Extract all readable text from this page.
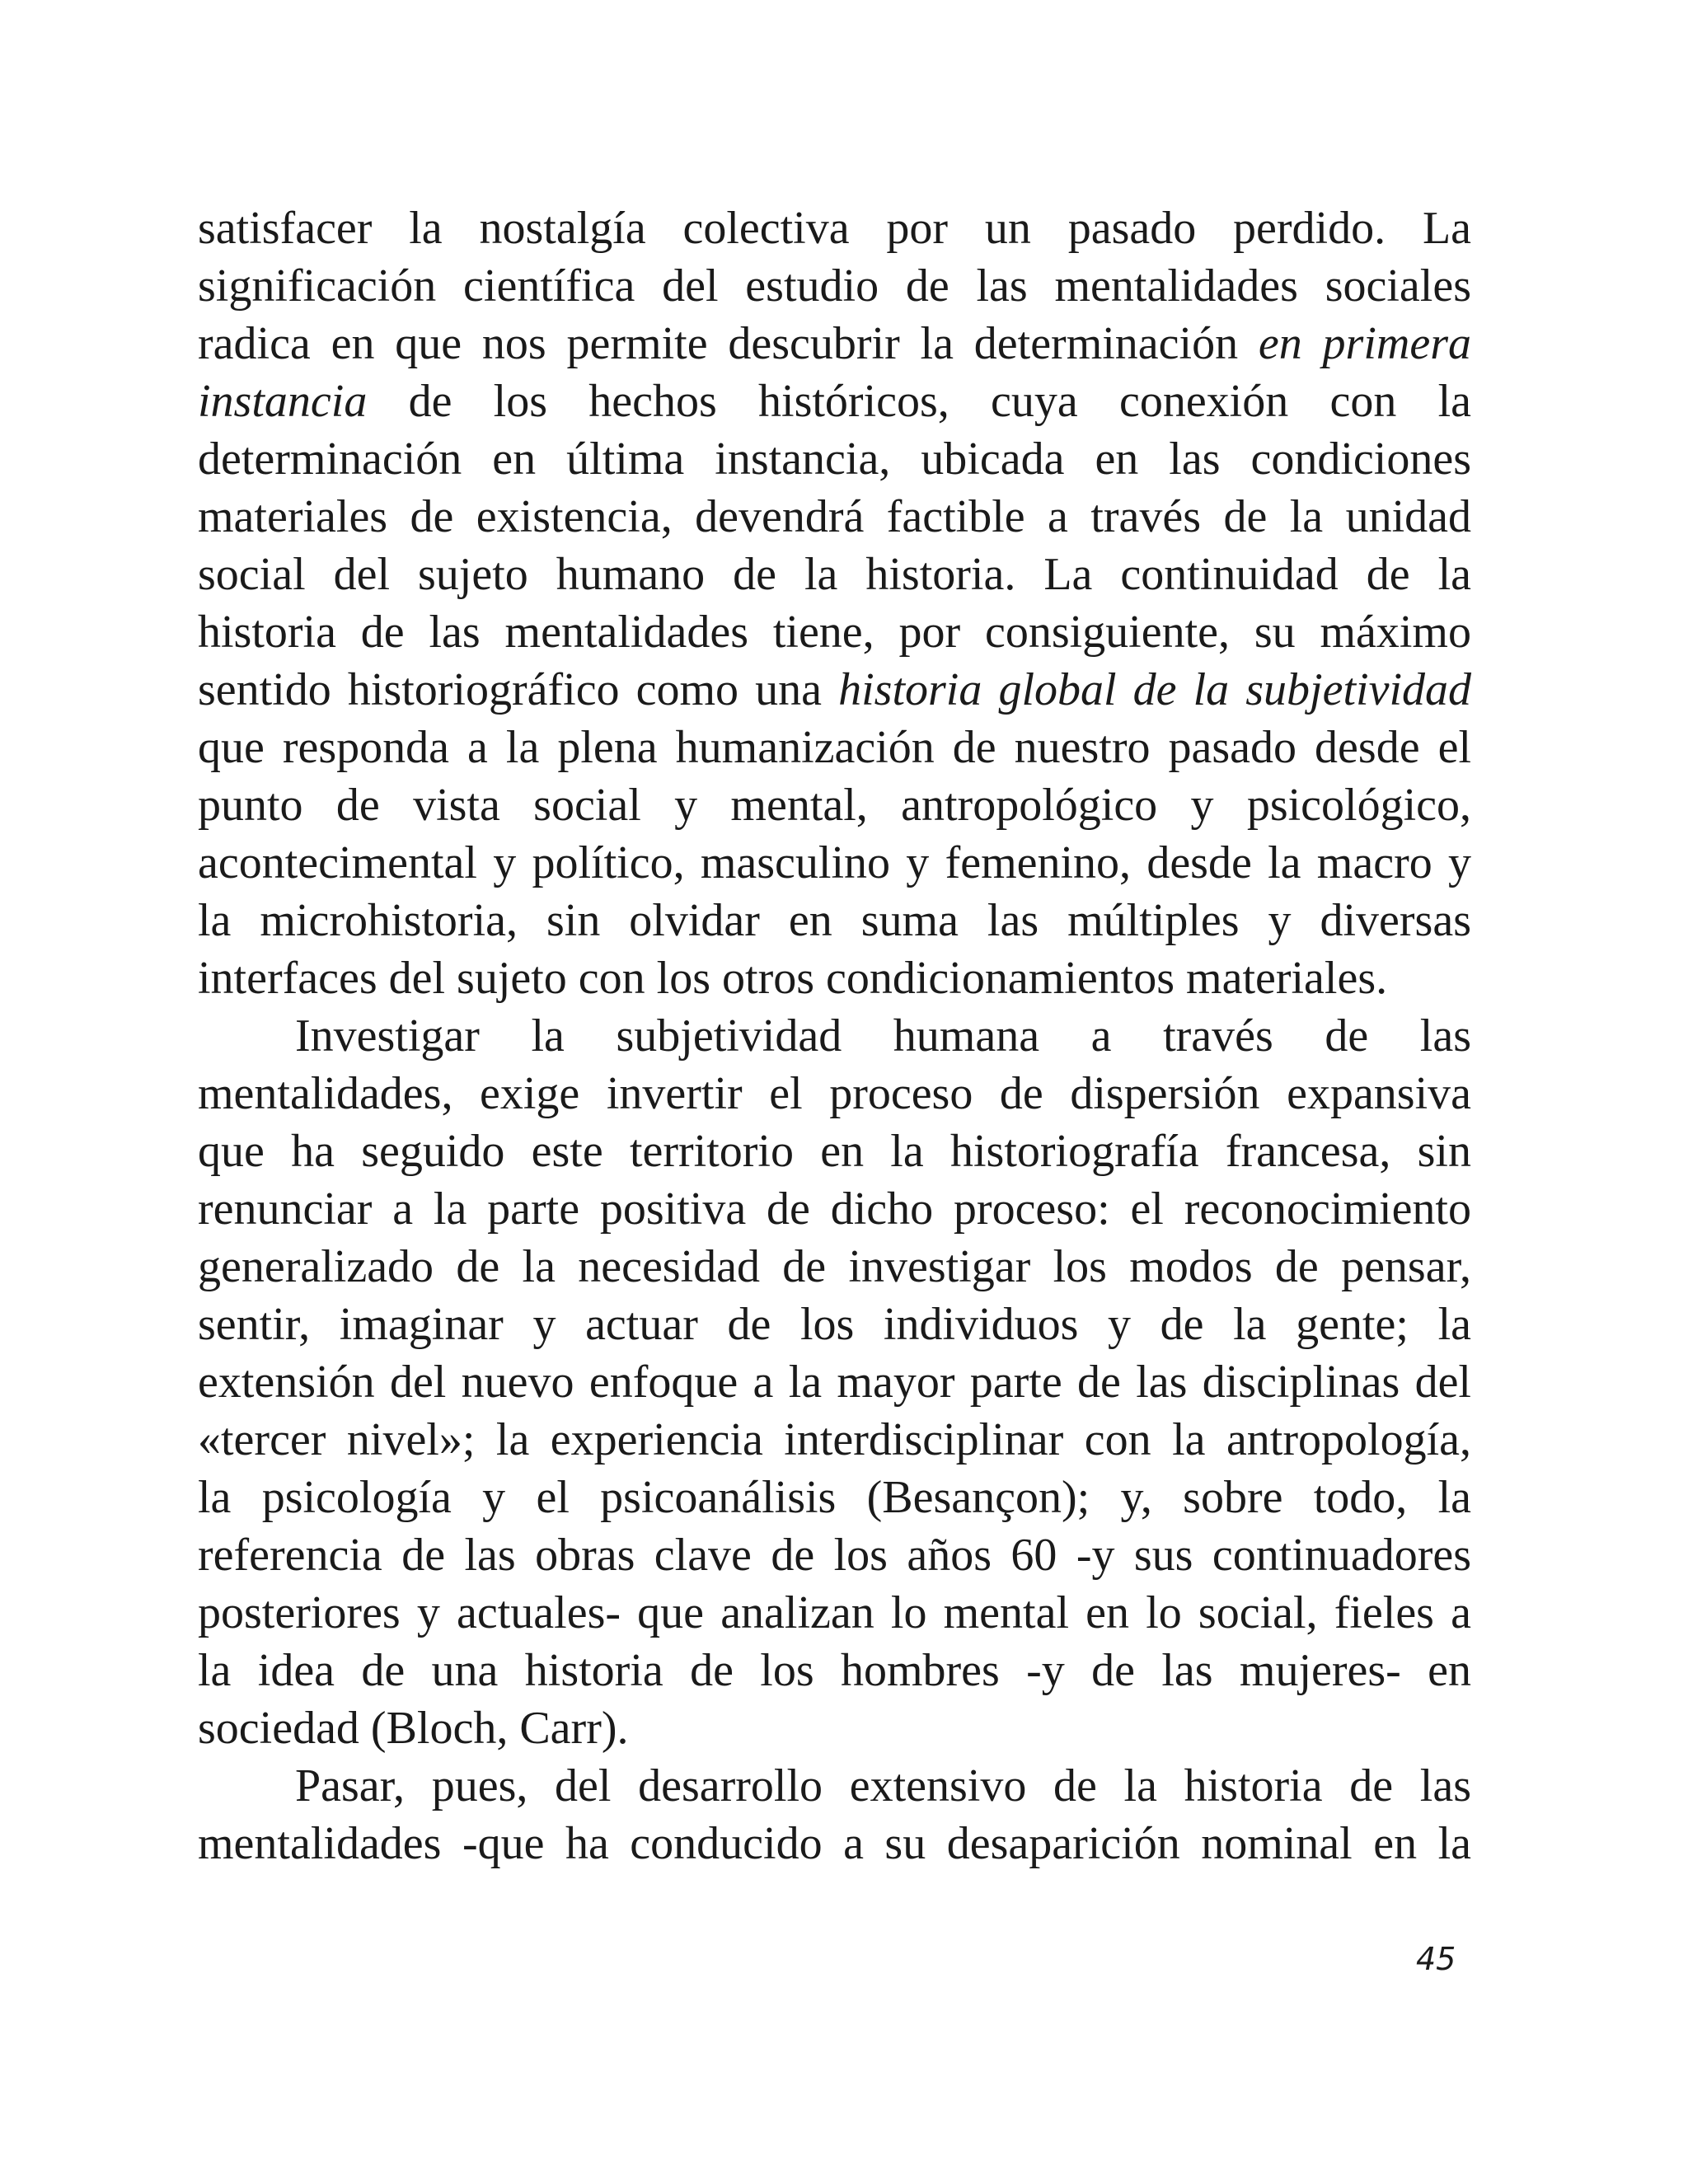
satisfacer la nostalgía colectiva por un pasado perdido. La
significación científica del estudio de las mentalidades sociales
radica en que nos permite descubrir la determinación en primera
instancia de los hechos históricos, cuya conexión con la
determinación en última instancia, ubicada en las condiciones
materiales de existencia, devendrá factible a través de la unidad
social del sujeto humano de la historia. La continuidad de la
historia de las mentalidades tiene, por consiguiente, su máximo
sentido historiográfico como una historia global de la subjetividad
que responda a la plena humanización de nuestro pasado desde el
punto de vista social y mental, antropológico y psicológico,
acontecimental y político, masculino y femenino, desde la macro y
la microhistoria, sin olvidar en suma las múltiples y diversas
interfaces del sujeto con los otros condicionamientos materiales.
Investigar la subjetividad humana a través de las
mentalidades, exige invertir el proceso de dispersión expansiva
que ha seguido este territorio en la historiografía francesa, sin
renunciar a la parte positiva de dicho proceso: el reconocimiento
generalizado de la necesidad de investigar los modos de pensar,
sentir, imaginar y actuar de los individuos y de la gente; la
extensión del nuevo enfoque a la mayor parte de las disciplinas del
«tercer nivel»; la experiencia interdisciplinar con la antropología,
la psicología y el psicoanálisis (Besançon); y, sobre todo, la
referencia de las obras clave de los años 60 -y sus continuadores
posteriores y actuales- que analizan lo mental en lo social, fieles a
la idea de una historia de los hombres -y de las mujeres- en
sociedad (Bloch, Carr).
Pasar, pues, del desarrollo extensivo de la historia de las
mentalidades -que ha conducido a su desaparición nominal en la
45
